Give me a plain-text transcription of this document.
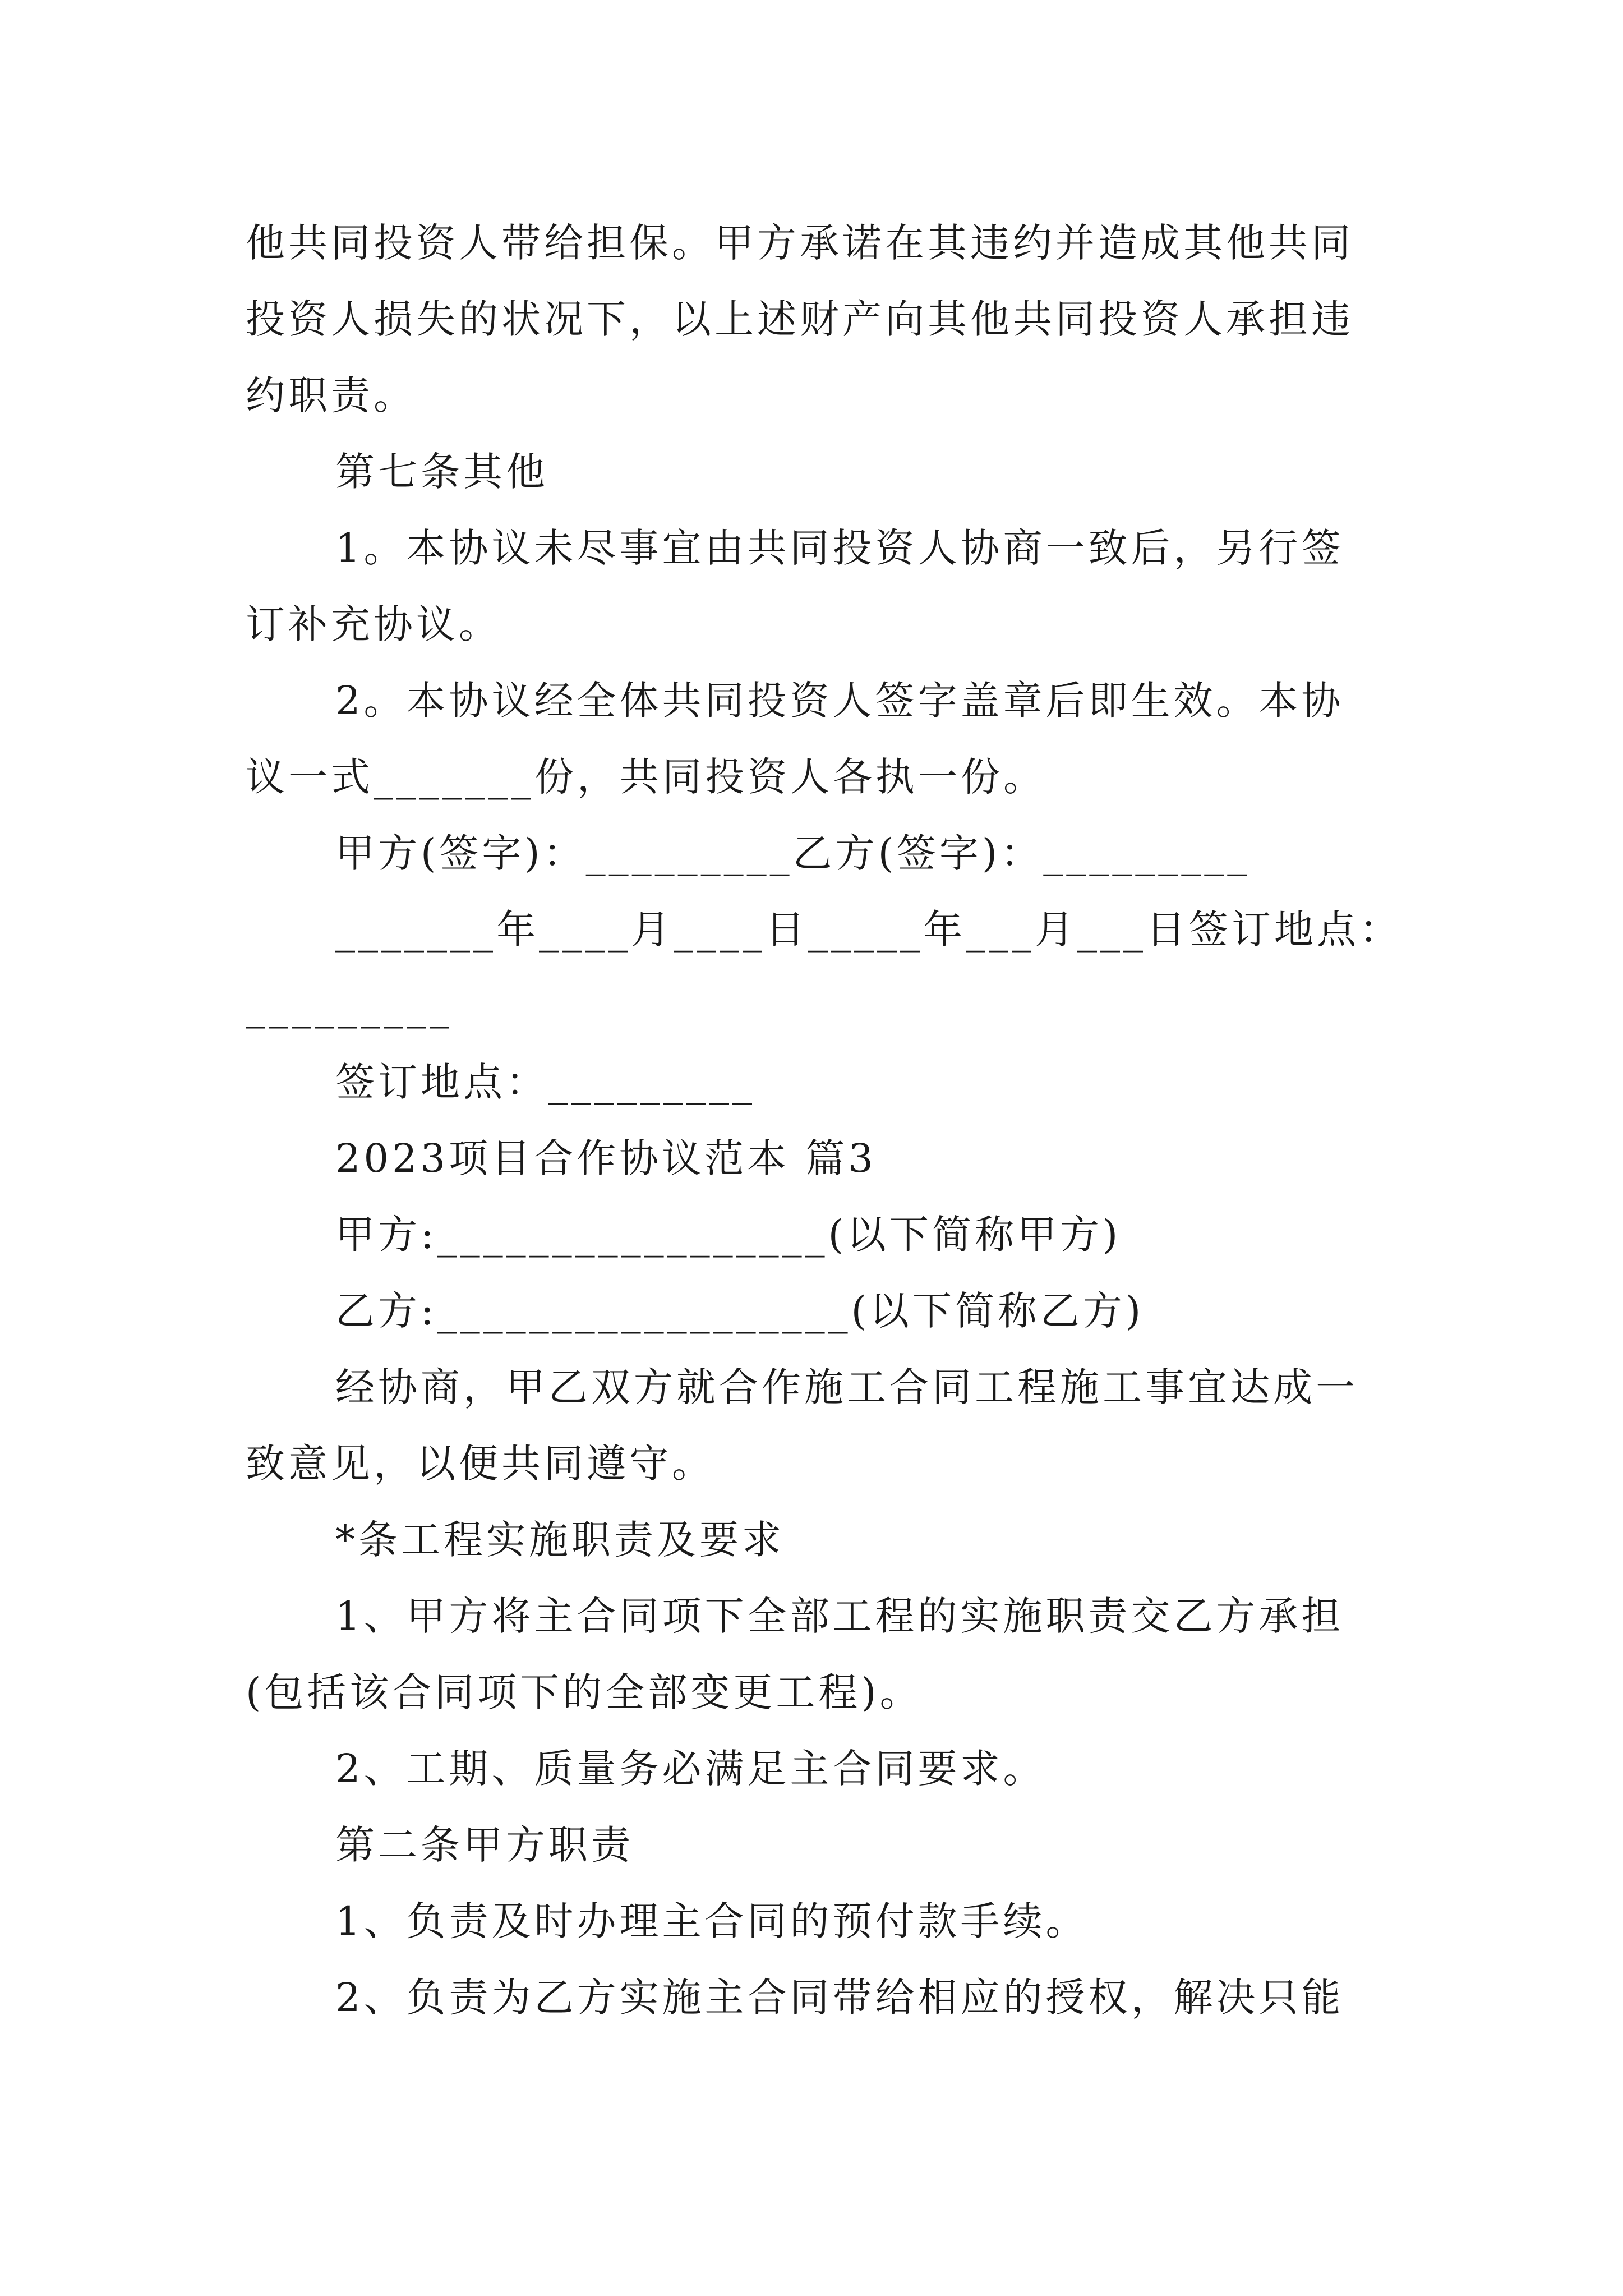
他共同投资人带给担保。甲方承诺在其违约并造成其他共同
投资人损失的状况下，以上述财产向其他共同投资人承担违
约职责。
第七条其他
1。本协议未尽事宜由共同投资人协商一致后，另行签
订补充协议。
2。本协议经全体共同投资人签字盖章后即生效。本协
议一式_______份，共同投资人各执一份。
甲方(签字)：_________乙方(签字)：_________
_______年____月____日_____年___月___日签订地点：
_________
签订地点：_________
2023项目合作协议范本 篇3
甲方:_________________(以下简称甲方)
乙方:__________________(以下简称乙方)
经协商，甲乙双方就合作施工合同工程施工事宜达成一
致意见，以便共同遵守。
*条工程实施职责及要求
1、甲方将主合同项下全部工程的实施职责交乙方承担
(包括该合同项下的全部变更工程)。
2、工期、质量务必满足主合同要求。
第二条甲方职责
1、负责及时办理主合同的预付款手续。
2、负责为乙方实施主合同带给相应的授权，解决只能
